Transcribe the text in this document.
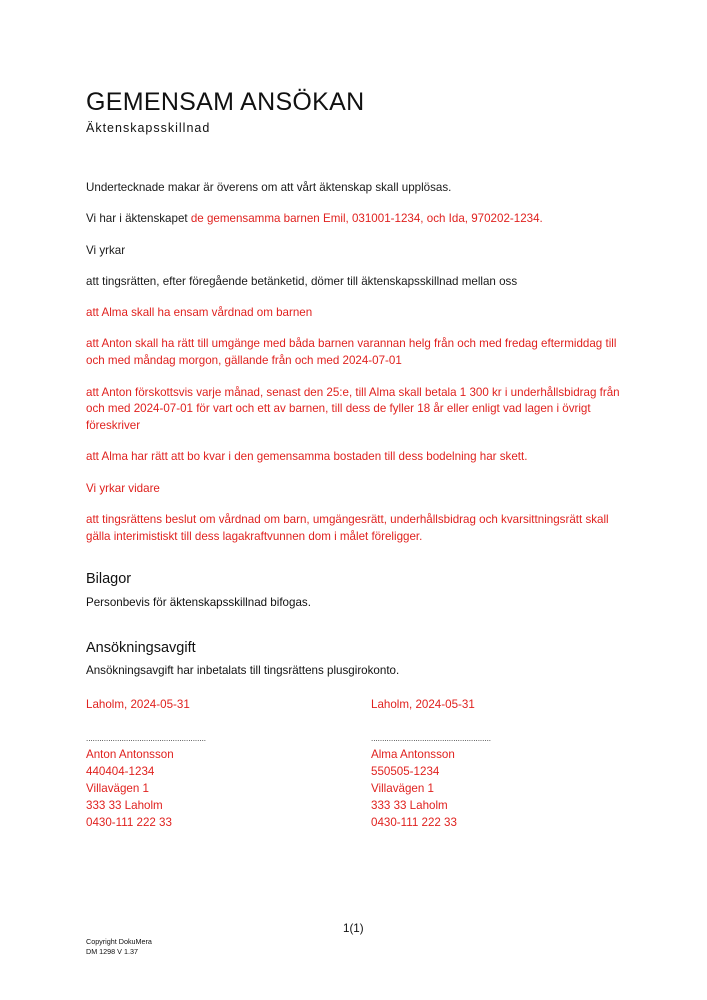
GEMENSAM ANSÖKAN
Äktenskapsskillnad

Undertecknade makar är överens om att vårt äktenskap skall upplösas.

Vi har i äktenskapet de gemensamma barnen Emil, 031001-1234, och Ida, 970202-1234.

Vi yrkar

att tingsrätten, efter föregående betänketid, dömer till äktenskapsskillnad mellan oss

att Alma skall ha ensam vårdnad om barnen

att Anton skall ha rätt till umgänge med båda barnen varannan helg från och med fredag eftermiddag till och med måndag morgon, gällande från och med 2024-07-01

att Anton förskottsvis varje månad, senast den 25:e, till Alma skall betala 1 300 kr i underhållsbidrag från och med 2024-07-01 för vart och ett av barnen, till dess de fyller 18 år eller enligt vad lagen i övrigt föreskriver

att Alma har rätt att bo kvar i den gemensamma bostaden till dess bodelning har skett.

Vi yrkar vidare

att tingsrättens beslut om vårdnad om barn, umgängesrätt, underhållsbidrag och kvarsittningsrätt skall gälla interimistiskt till dess lagakraftvunnen dom i målet föreligger.

Bilagor
Personbevis för äktenskapsskillnad bifogas.
Ansökningsavgift
Ansökningsavgift har inbetalats till tingsrättens plusgirokonto.
Laholm, 2024-05-31
......................................................
Anton Antonsson
440404-1234
Villavägen 1
333 33 Laholm
0430-111 222 33
Laholm, 2024-05-31
......................................................
Alma Antonsson
550505-1234
Villavägen 1
333 33 Laholm
0430-111 222 33
1(1)
Copyright DokuMera
DM 1298 V 1.37
